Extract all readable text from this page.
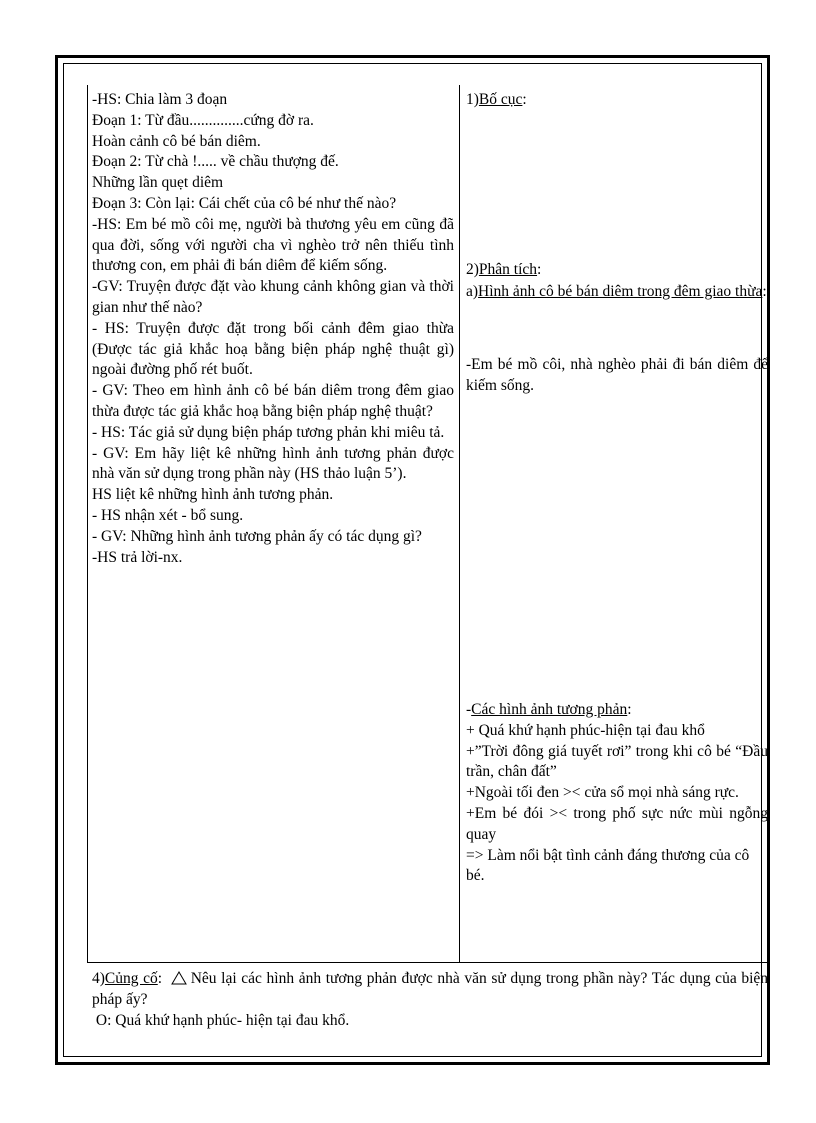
-HS: Chia làm 3 đoạn
Đoạn 1: Từ đầu..............cứng đờ ra.
Hoàn cảnh cô bé bán diêm.
Đoạn 2: Từ chà !..... về chầu thượng đế.
Những lần quẹt diêm
Đoạn 3: Còn lại: Cái chết của cô bé như thế nào?
-HS: Em bé mồ côi mẹ, người bà thương yêu em cũng đã qua đời, sống với người cha vì nghèo trở nên thiếu tình thương con, em phải đi bán diêm để kiếm sống.
-GV: Truyện được đặt vào khung cảnh không gian và thời gian như thế nào?
- HS: Truyện được đặt trong bối cảnh đêm giao thừa (Được tác giả khắc hoạ bằng biện pháp nghệ thuật gì) ngoài đường phố rét buốt.
- GV: Theo em hình ảnh cô bé bán diêm trong đêm giao thừa được tác giả khắc hoạ bằng biện pháp nghệ thuật?
- HS: Tác giả sử dụng biện pháp tương phản khi miêu tả.
- GV: Em hãy liệt kê những hình ảnh tương phản được nhà văn sử dụng trong phần này (HS thảo luận 5’).
HS liệt kê những hình ảnh tương phản.
- HS nhận xét - bổ sung.
- GV: Những hình ảnh tương phản ấy có tác dụng gì?
-HS trả lời-nx.
1)Bố cục:
2)Phân tích:
a)Hình ảnh cô bé bán diêm trong đêm giao thừa:
-Em bé mồ côi, nhà nghèo phải đi bán diêm để kiếm sống.
-Các hình ảnh tương phản:
+ Quá khứ hạnh phúc-hiện tại đau khổ
+”Trời đông giá tuyết rơi” trong khi cô bé “Đầu trần, chân đất”
+Ngoài tối đen >< cửa sổ mọi nhà sáng rực.
+Em bé đói >< trong phố sực nức mùi ngỗng quay
=> Làm nổi bật tình cảnh đáng thương của cô bé.
4)Củng cố: Nêu lại các hình ảnh tương phản được nhà văn sử dụng trong phần này? Tác dụng của biện pháp ấy?
O: Quá khứ hạnh phúc- hiện tại đau khổ.
